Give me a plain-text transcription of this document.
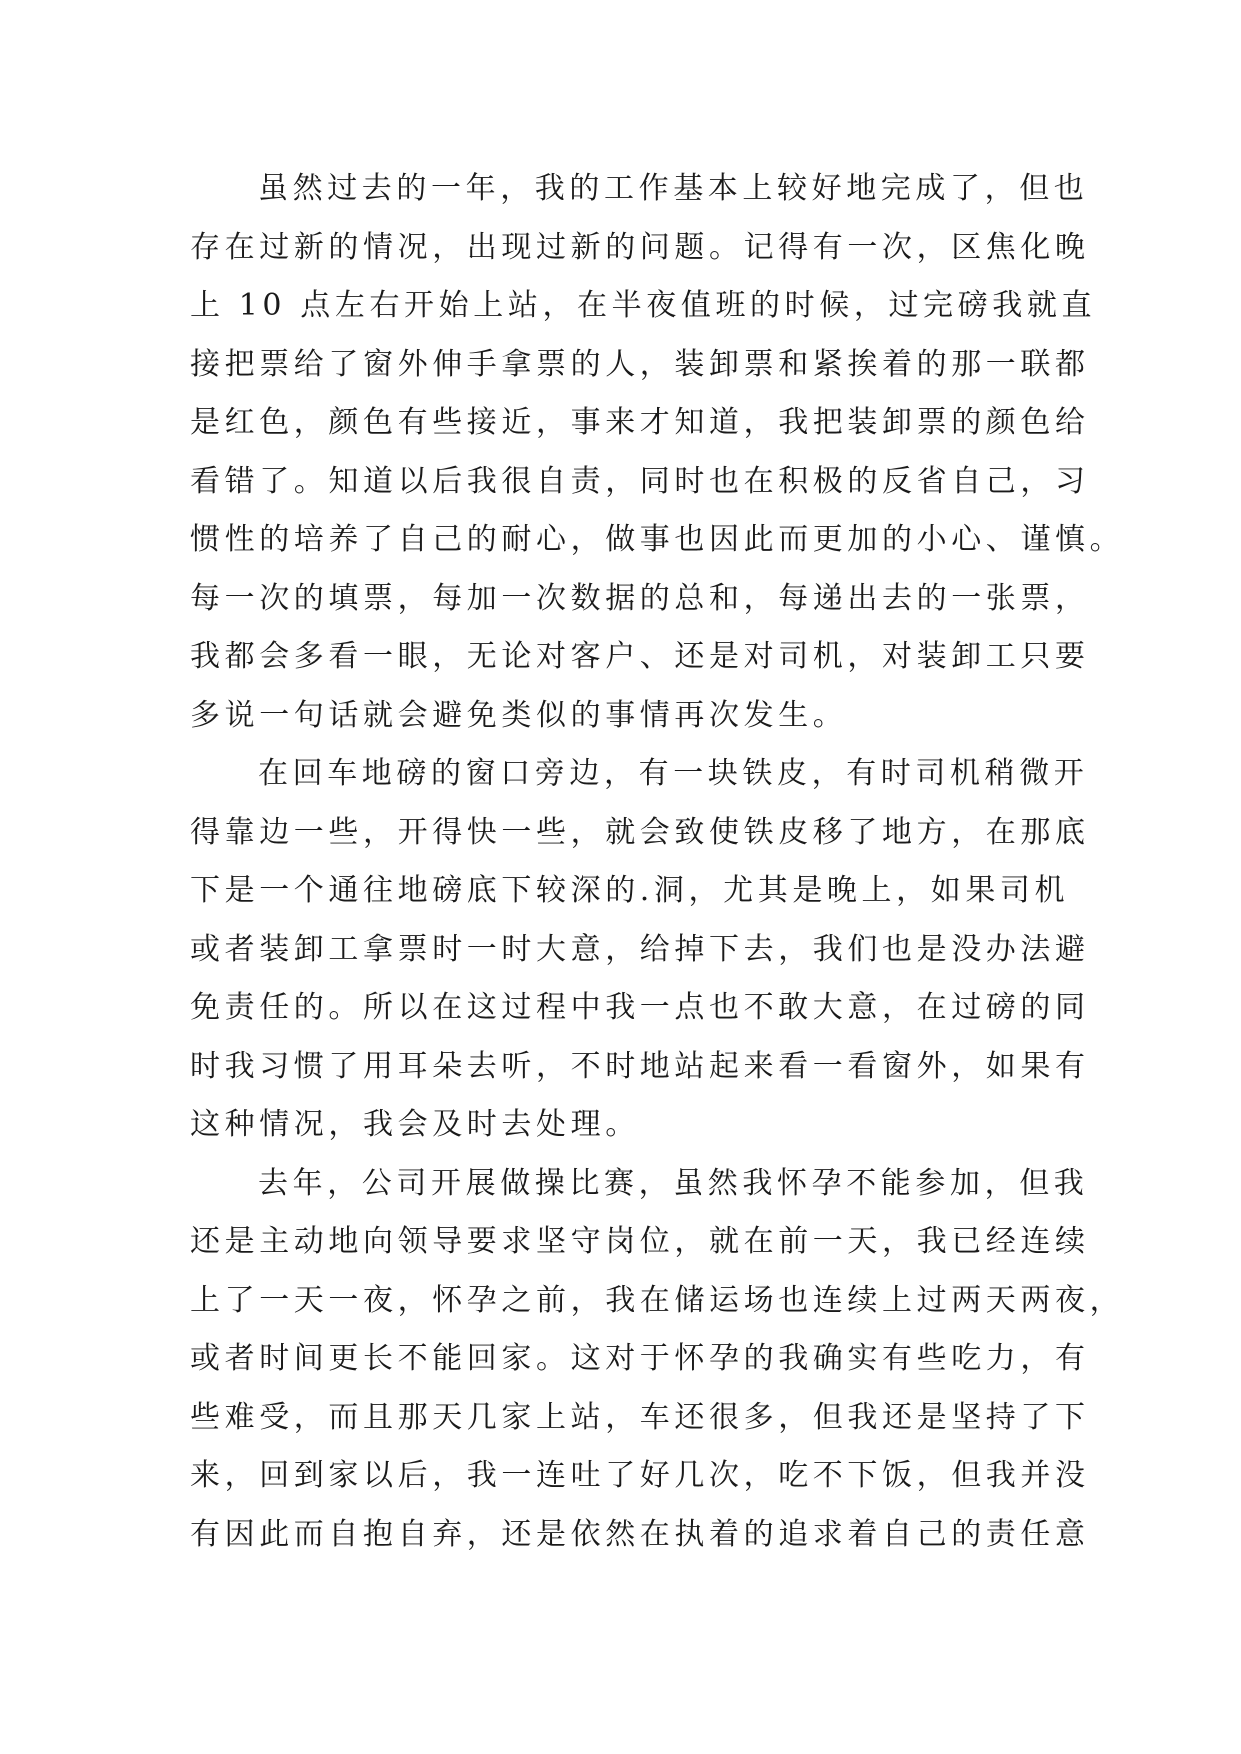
虽然过去的一年，我的工作基本上较好地完成了，但也
存在过新的情况，出现过新的问题。记得有一次，区焦化晚
上 10 点左右开始上站，在半夜值班的时候，过完磅我就直
接把票给了窗外伸手拿票的人，装卸票和紧挨着的那一联都
是红色，颜色有些接近，事来才知道，我把装卸票的颜色给
看错了。知道以后我很自责，同时也在积极的反省自己，习
惯性的培养了自己的耐心，做事也因此而更加的小心、谨慎。
每一次的填票，每加一次数据的总和，每递出去的一张票，
我都会多看一眼，无论对客户、还是对司机，对装卸工只要
多说一句话就会避免类似的事情再次发生。
在回车地磅的窗口旁边，有一块铁皮，有时司机稍微开
得靠边一些，开得快一些，就会致使铁皮移了地方，在那底
下是一个通往地磅底下较深的.洞，尤其是晚上，如果司机
或者装卸工拿票时一时大意，给掉下去，我们也是没办法避
免责任的。所以在这过程中我一点也不敢大意，在过磅的同
时我习惯了用耳朵去听，不时地站起来看一看窗外，如果有
这种情况，我会及时去处理。
去年，公司开展做操比赛，虽然我怀孕不能参加，但我
还是主动地向领导要求坚守岗位，就在前一天，我已经连续
上了一天一夜，怀孕之前，我在储运场也连续上过两天两夜，
或者时间更长不能回家。这对于怀孕的我确实有些吃力，有
些难受，而且那天几家上站，车还很多，但我还是坚持了下
来，回到家以后，我一连吐了好几次，吃不下饭，但我并没
有因此而自抱自弃，还是依然在执着的追求着自己的责任意
